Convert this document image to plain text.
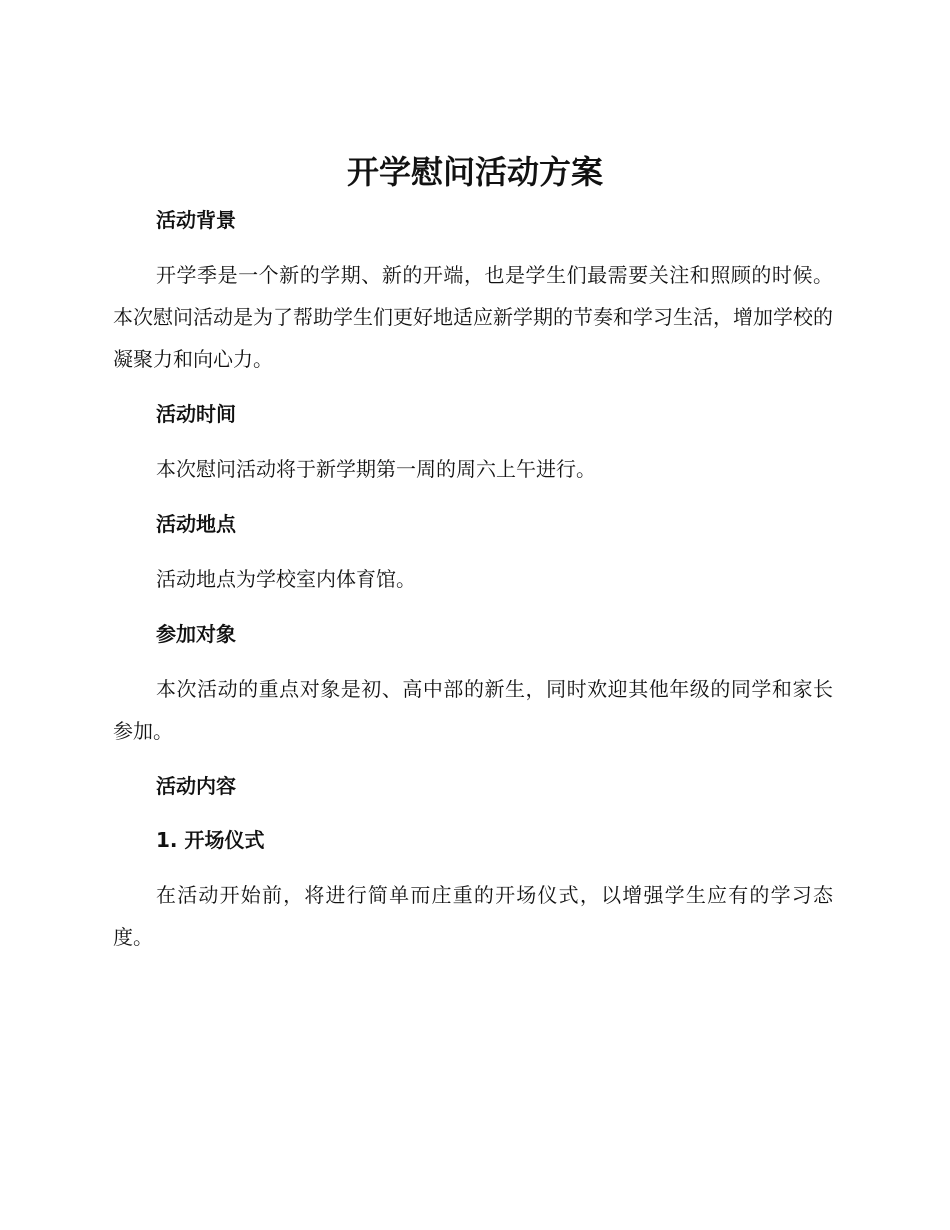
开学慰问活动方案
活动背景
开学季是一个新的学期、新的开端，也是学生们最需要关注和照顾的时候。本次慰问活动是为了帮助学生们更好地适应新学期的节奏和学习生活，增加学校的凝聚力和向心力。
活动时间
本次慰问活动将于新学期第一周的周六上午进行。
活动地点
活动地点为学校室内体育馆。
参加对象
本次活动的重点对象是初、高中部的新生，同时欢迎其他年级的同学和家长参加。
活动内容
1. 开场仪式
在活动开始前，将进行简单而庄重的开场仪式，以增强学生应有的学习态度。
